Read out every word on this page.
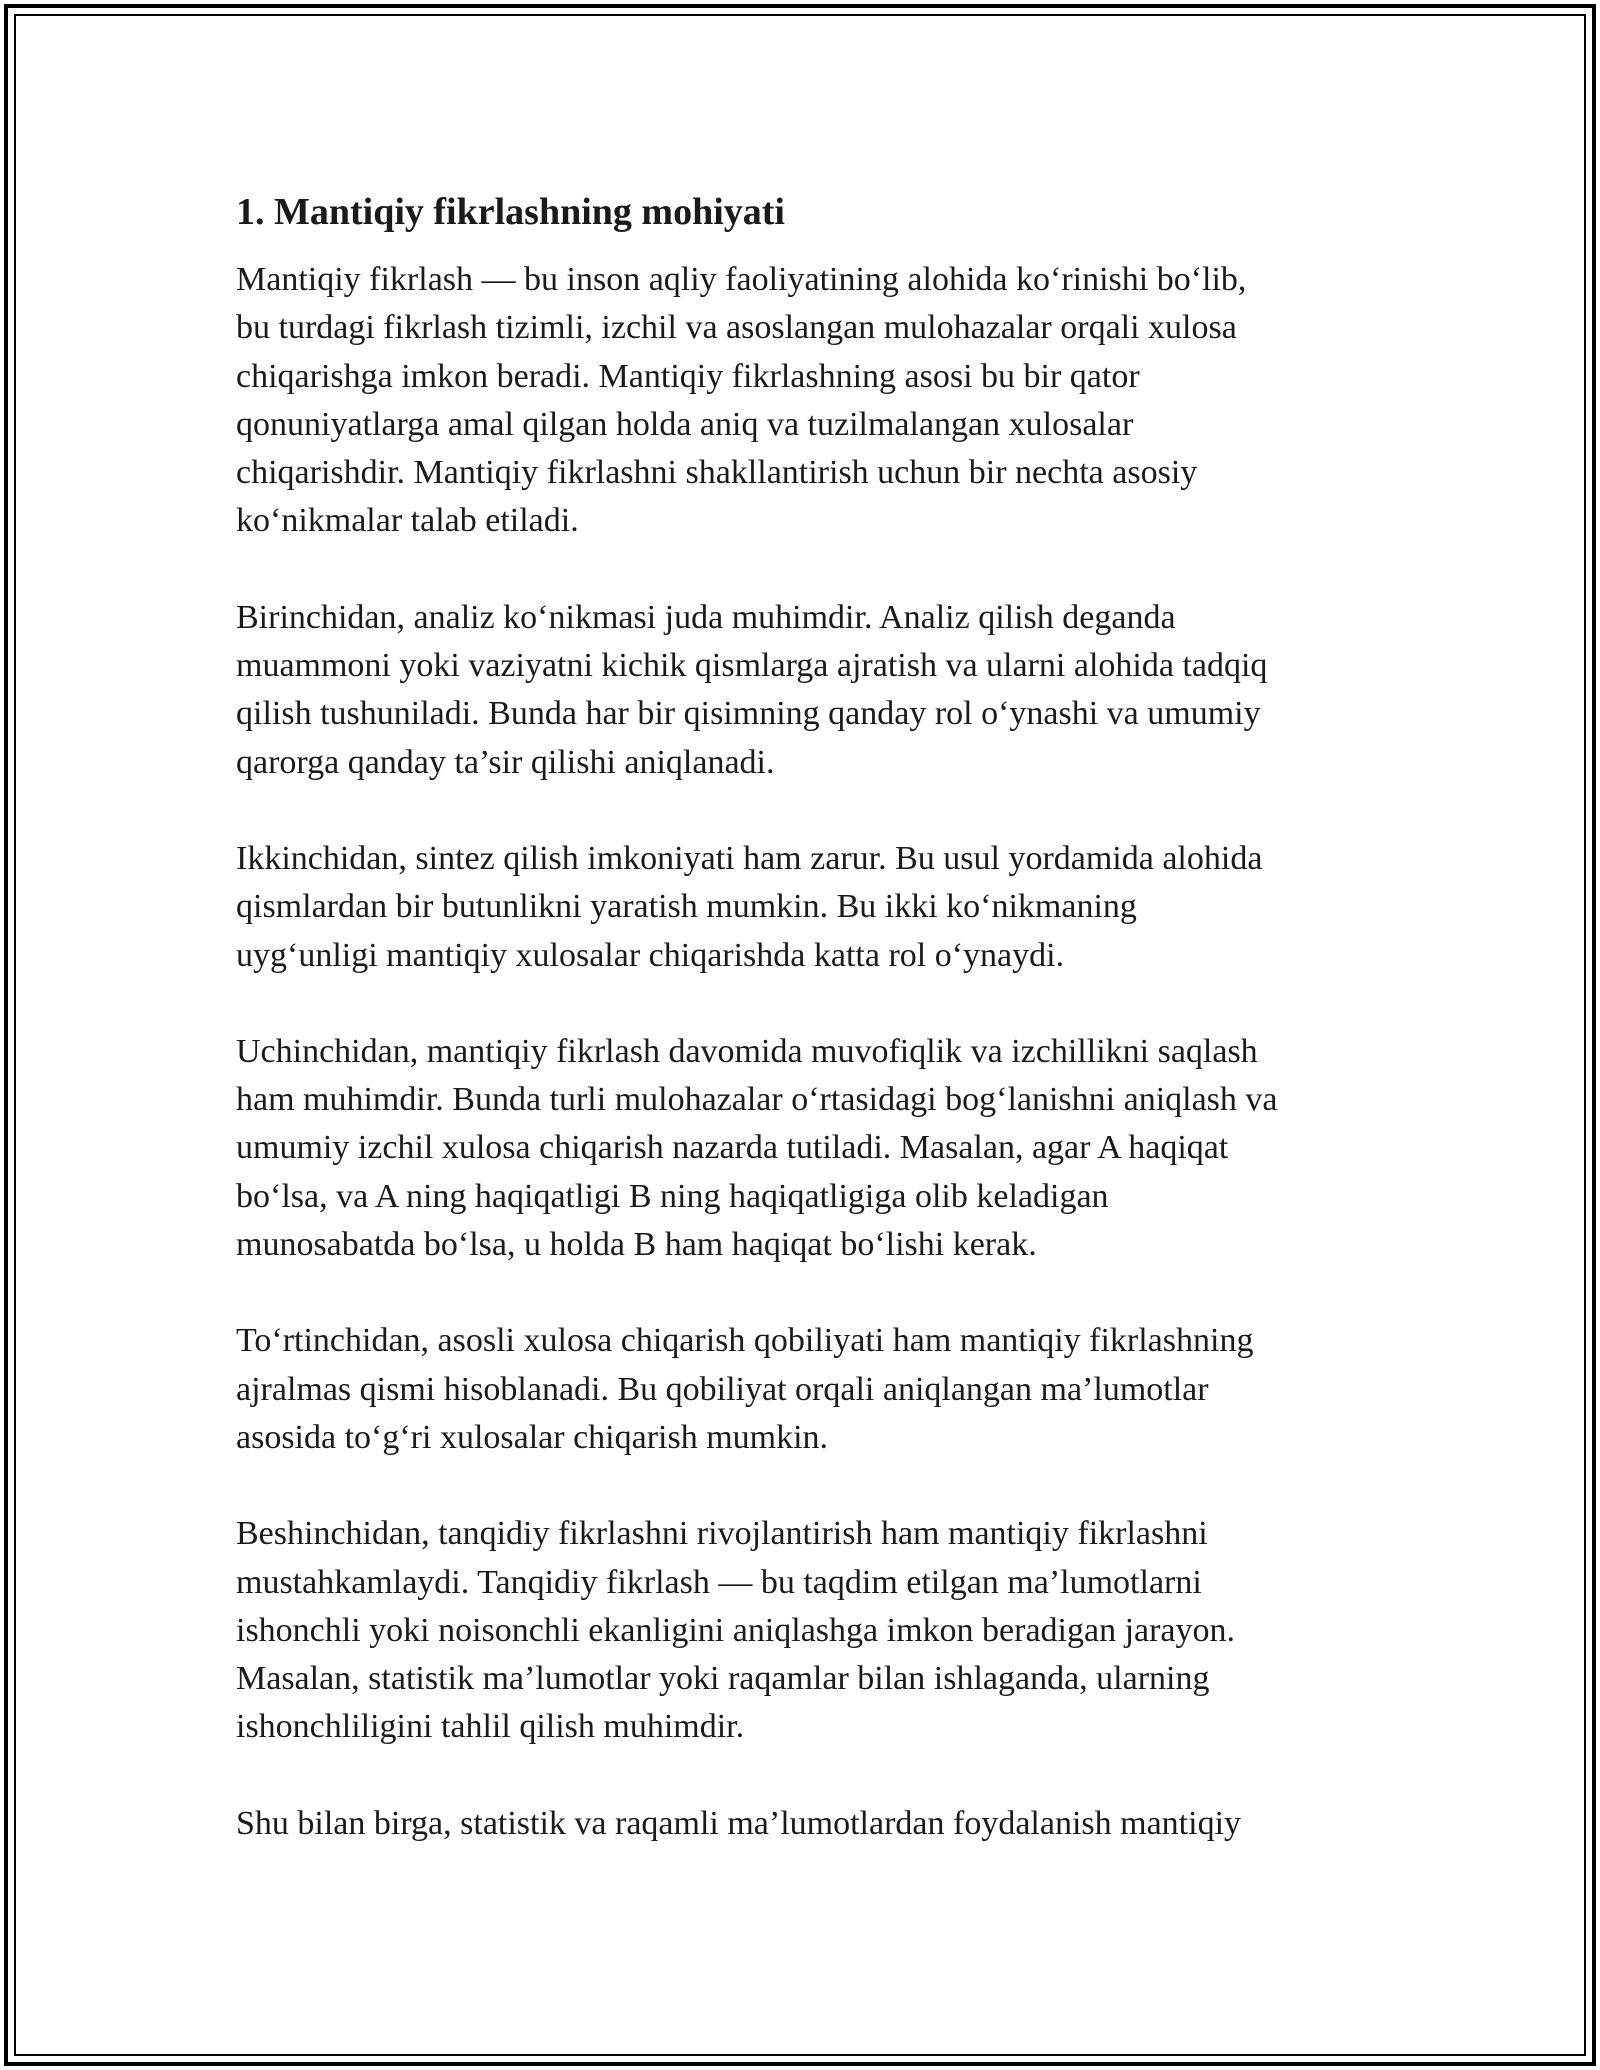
1. Mantiqiy fikrlashning mohiyati

Mantiqiy fikrlash — bu inson aqliy faoliyatining alohida ko‘rinishi bo‘lib,
bu turdagi fikrlash tizimli, izchil va asoslangan mulohazalar orqali xulosa
chiqarishga imkon beradi. Mantiqiy fikrlashning asosi bu bir qator
qonuniyatlarga amal qilgan holda aniq va tuzilmalangan xulosalar
chiqarishdir. Mantiqiy fikrlashni shakllantirish uchun bir nechta asosiy
ko‘nikmalar talab etiladi.

Birinchidan, analiz ko‘nikmasi juda muhimdir. Analiz qilish deganda
muammoni yoki vaziyatni kichik qismlarga ajratish va ularni alohida tadqiq
qilish tushuniladi. Bunda har bir qisimning qanday rol o‘ynashi va umumiy
qarorga qanday ta’sir qilishi aniqlanadi.

Ikkinchidan, sintez qilish imkoniyati ham zarur. Bu usul yordamida alohida
qismlardan bir butunlikni yaratish mumkin. Bu ikki ko‘nikmaning
uyg‘unligi mantiqiy xulosalar chiqarishda katta rol o‘ynaydi.

Uchinchidan, mantiqiy fikrlash davomida muvofiqlik va izchillikni saqlash
ham muhimdir. Bunda turli mulohazalar o‘rtasidagi bog‘lanishni aniqlash va
umumiy izchil xulosa chiqarish nazarda tutiladi. Masalan, agar A haqiqat
bo‘lsa, va A ning haqiqatligi B ning haqiqatligiga olib keladigan
munosabatda bo‘lsa, u holda B ham haqiqat bo‘lishi kerak.

To‘rtinchidan, asosli xulosa chiqarish qobiliyati ham mantiqiy fikrlashning
ajralmas qismi hisoblanadi. Bu qobiliyat orqali aniqlangan ma’lumotlar
asosida to‘g‘ri xulosalar chiqarish mumkin.

Beshinchidan, tanqidiy fikrlashni rivojlantirish ham mantiqiy fikrlashni
mustahkamlaydi. Tanqidiy fikrlash — bu taqdim etilgan ma’lumotlarni
ishonchli yoki noisonchli ekanligini aniqlashga imkon beradigan jarayon.
Masalan, statistik ma’lumotlar yoki raqamlar bilan ishlaganda, ularning
ishonchliligini tahlil qilish muhimdir.

Shu bilan birga, statistik va raqamli ma’lumotlardan foydalanish mantiqiy
